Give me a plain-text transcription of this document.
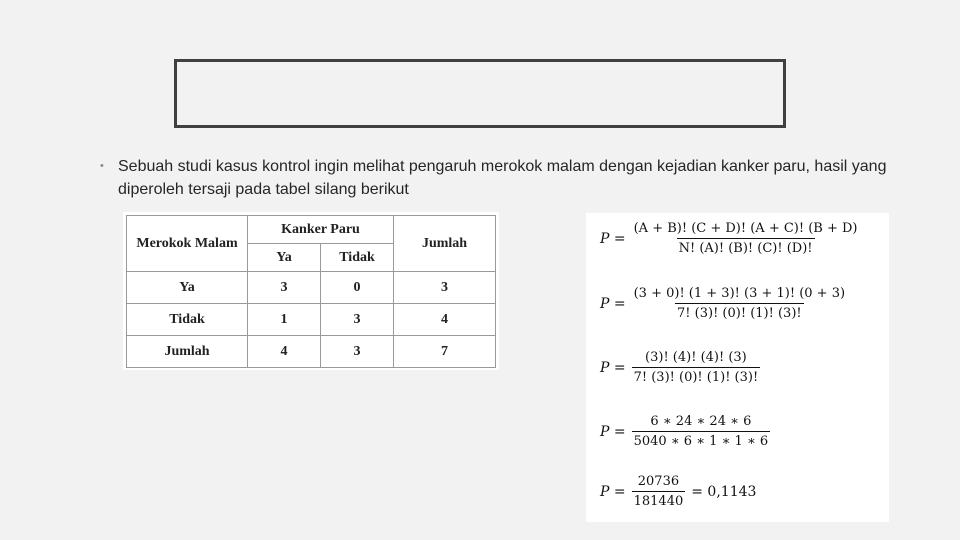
• Sebuah studi kasus kontrol ingin melihat pengaruh merokok malam dengan kejadian kanker paru, hasil yang diperoleh tersaji pada tabel silang berikut
Merokok Malam	Kanker Paru		Jumlah
	Ya	Tidak	
Ya	3	0	3
Tidak	1	3	4
Jumlah	4	3	7
$P = \frac{(A + B)! (C + D)! (A + C)! (B + D)}{N! (A)! (B)! (C)! (D)!}$
$P = \frac{(3 + 0)! (1 + 3)! (3 + 1)! (0 + 3)}{7! (3)! (0)! (1)! (3)!}$
$P = \frac{(3)! (4)! (4)! (3)}{7! (3)! (0)! (1)! (3)!}$
$P = \frac{6 ∗ 24 ∗ 24 ∗ 6}{5040 ∗ 6 ∗ 1 ∗ 1 ∗ 6}$
$P = \frac{20736}{181440} = 0,1143$
